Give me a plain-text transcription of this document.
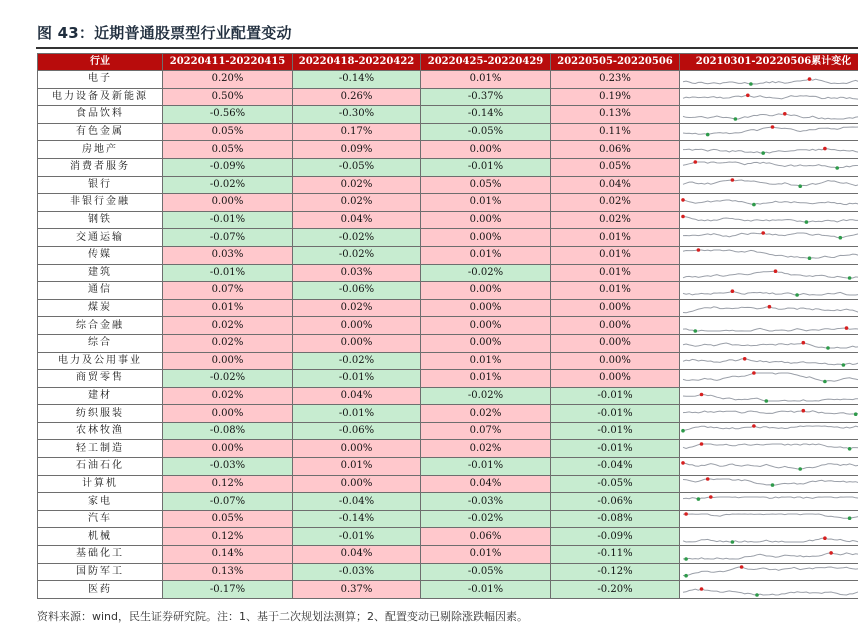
图 43：近期普通股票型行业配置变动
行业	20220411-20220415	20220418-20220422	20220425-20220429	20220505-20220506	20210301-20220506累计变化
电子	0.20%	-0.14%	0.01%	0.23%	

电力设备及新能源	0.50%	0.26%	-0.37%	0.19%	

食品饮料	-0.56%	-0.30%	-0.14%	0.13%	

有色金属	0.05%	0.17%	-0.05%	0.11%	

房地产	0.05%	0.09%	0.00%	0.06%	

消费者服务	-0.09%	-0.05%	-0.01%	0.05%	

银行	-0.02%	0.02%	0.05%	0.04%	

非银行金融	0.00%	0.02%	0.01%	0.02%	

钢铁	-0.01%	0.04%	0.00%	0.02%	

交通运输	-0.07%	-0.02%	0.00%	0.01%	

传媒	0.03%	-0.02%	0.01%	0.01%	

建筑	-0.01%	0.03%	-0.02%	0.01%	

通信	0.07%	-0.06%	0.00%	0.01%	

煤炭	0.01%	0.02%	0.00%	0.00%	

综合金融	0.02%	0.00%	0.00%	0.00%	

综合	0.02%	0.00%	0.00%	0.00%	

电力及公用事业	0.00%	-0.02%	0.01%	0.00%	

商贸零售	-0.02%	-0.01%	0.01%	0.00%	

建材	0.02%	0.04%	-0.02%	-0.01%	

纺织服装	0.00%	-0.01%	0.02%	-0.01%	

农林牧渔	-0.08%	-0.06%	0.07%	-0.01%	

轻工制造	0.00%	0.00%	0.02%	-0.01%	

石油石化	-0.03%	0.01%	-0.01%	-0.04%	

计算机	0.12%	0.00%	0.04%	-0.05%	

家电	-0.07%	-0.04%	-0.03%	-0.06%	

汽车	0.05%	-0.14%	-0.02%	-0.08%	

机械	0.12%	-0.01%	0.06%	-0.09%	

基础化工	0.14%	0.04%	0.01%	-0.11%	

国防军工	0.13%	-0.03%	-0.05%	-0.12%	

医药	-0.17%	0.37%	-0.01%	-0.20%	
资料来源：wind，民生证券研究院。注：1、基于二次规划法测算；2、配置变动已剔除涨跌幅因素。
